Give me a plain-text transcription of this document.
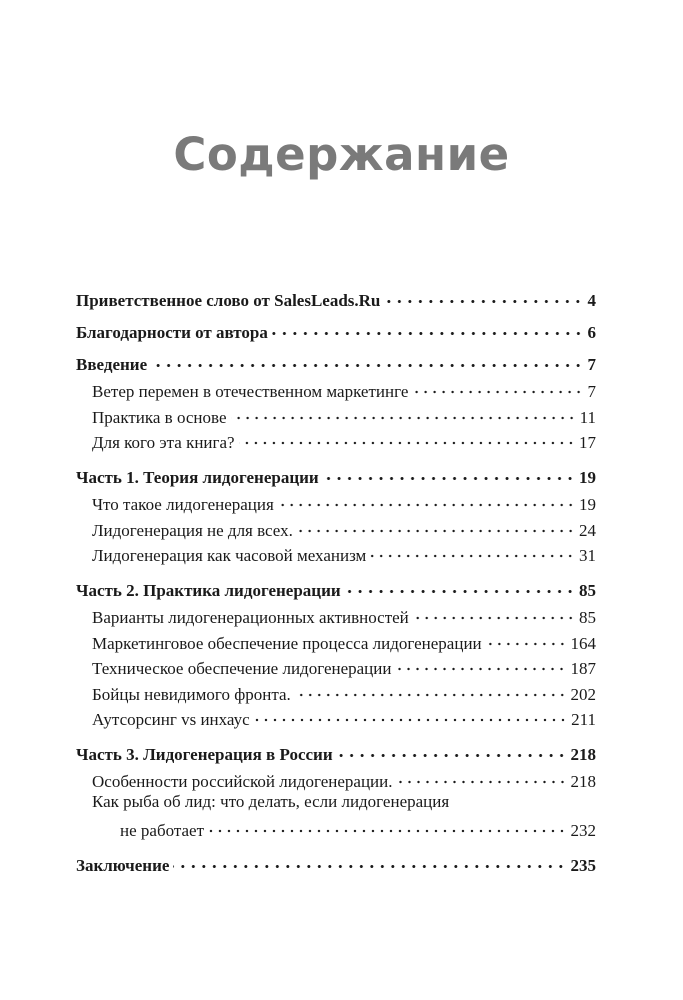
Содержание
Приветственное слово от SalesLeads.Ru	4
Благодарности от автора	6
Введение	7
Ветер перемен в отечественном маркетинге	7
Практика в основе	11
Для кого эта книга?	17
Часть 1. Теория лидогенерации	19
Что такое лидогенерация	19
Лидогенерация не для всех.	24
Лидогенерация как часовой механизм	31
Часть 2. Практика лидогенерации	85
Варианты лидогенерационных активностей	85
Маркетинговое обеспечение процесса лидогенерации	164
Техническое обеспечение лидогенерации	187
Бойцы невидимого фронта.	202
Аутсорсинг vs инхаус	211
Часть 3. Лидогенерация в России	218
Особенности российской лидогенерации.	218
Как рыба об лид: что делать, если лидогенерация
не работает	232
Заключение	235
